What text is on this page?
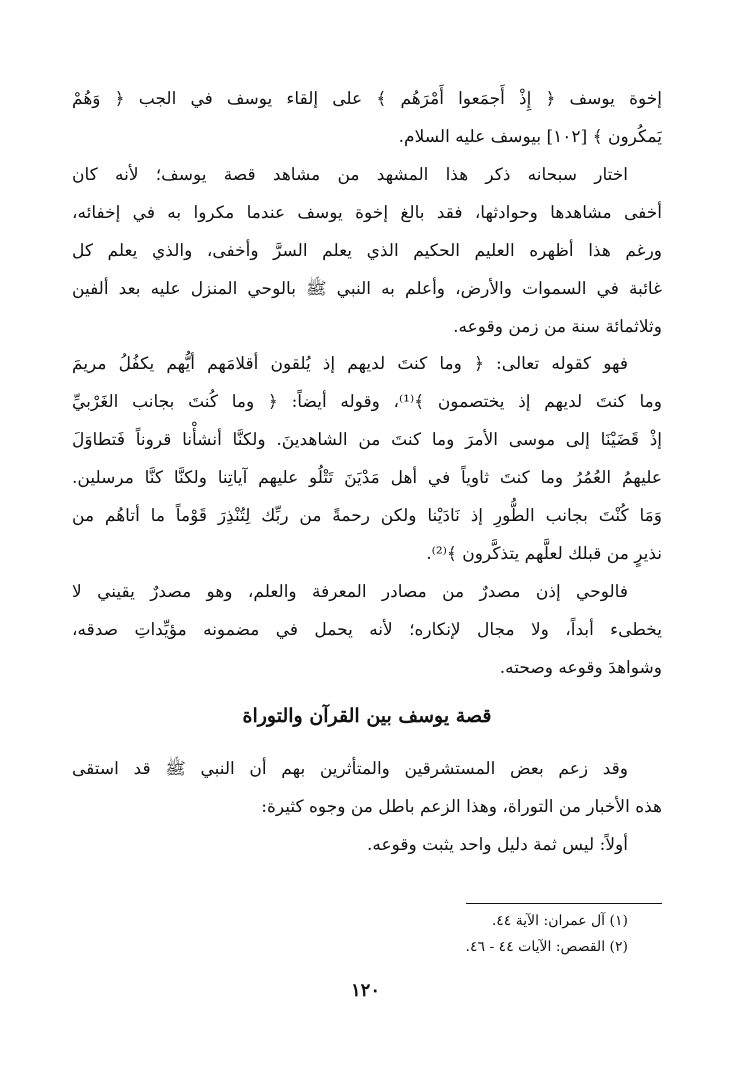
إخوة يوسف ﴿ إِذْ أَجمَعوا أَمْرَهُم ﴾ على إلقاء يوسف في الجب ﴿ وَهُمْ
يَمكُرون ﴾ [١٠٢] بيوسف عليه السلام.
اختار سبحانه ذكر هذا المشهد من مشاهد قصة يوسف؛ لأنه كان
أخفى مشاهدها وحوادثها، فقد بالغ إخوة يوسف عندما مكروا به في إخفائه،
ورغم هذا أظهره العليم الحكيم الذي يعلم السرَّ وأخفى، والذي يعلم كل
غائبة في السموات والأرض، وأعلم به النبي ﷺ بالوحي المنزل عليه بعد ألفين
وثلاثمائة سنة من زمن وقوعه.
فهو كقوله تعالى: ﴿ وما كنتَ لديهم إذ يُلقون أقلامَهم أيُّهم يكفُلُ مريمَ
وما كنتَ لديهم إذ يختصمون ﴾⁽¹⁾، وقوله أيضاً: ﴿ وما كُنتَ بجانب الغَرْبيِّ
إذْ قَضَيْنَا إلى موسى الأمرَ وما كنتَ من الشاهدينَ. ولكنَّا أنشأْنا قروناً فَتطاوَلَ
عليهمُ العُمُرُ وما كنتَ ثاوياً في أهل مَدْيَنَ تَتْلُو عليهم آياتِنا ولكنَّا كنَّا مرسلين.
وَمَا كُنْتَ بجانب الطُّورِ إذ نَادَيْنا ولكن رحمةً من ربِّك لِتُنْذِرَ قَوْماً ما أتاهُم من
نذيرٍ من قبلك لعلَّهم يتذكَّرون ﴾⁽²⁾.
فالوحي إذن مصدرٌ من مصادر المعرفة والعلم، وهو مصدرٌ يقيني لا
يخطىء أبداً، ولا مجال لإنكاره؛ لأنه يحمل في مضمونه مؤيِّداتِ صدقه،
وشواهدَ وقوعه وصحته.
قصة يوسف بين القرآن والتوراة
وقد زعم بعض المستشرقين والمتأثرين بهم أن النبي ﷺ قد استقى
هذه الأخبار من التوراة، وهذا الزعم باطل من وجوه كثيرة:
أولاً: ليس ثمة دليل واحد يثبت وقوعه.
(١) آل عمران: الآية ٤٤.
(٢) القصص: الآيات ٤٤ - ٤٦.
١٢٠
